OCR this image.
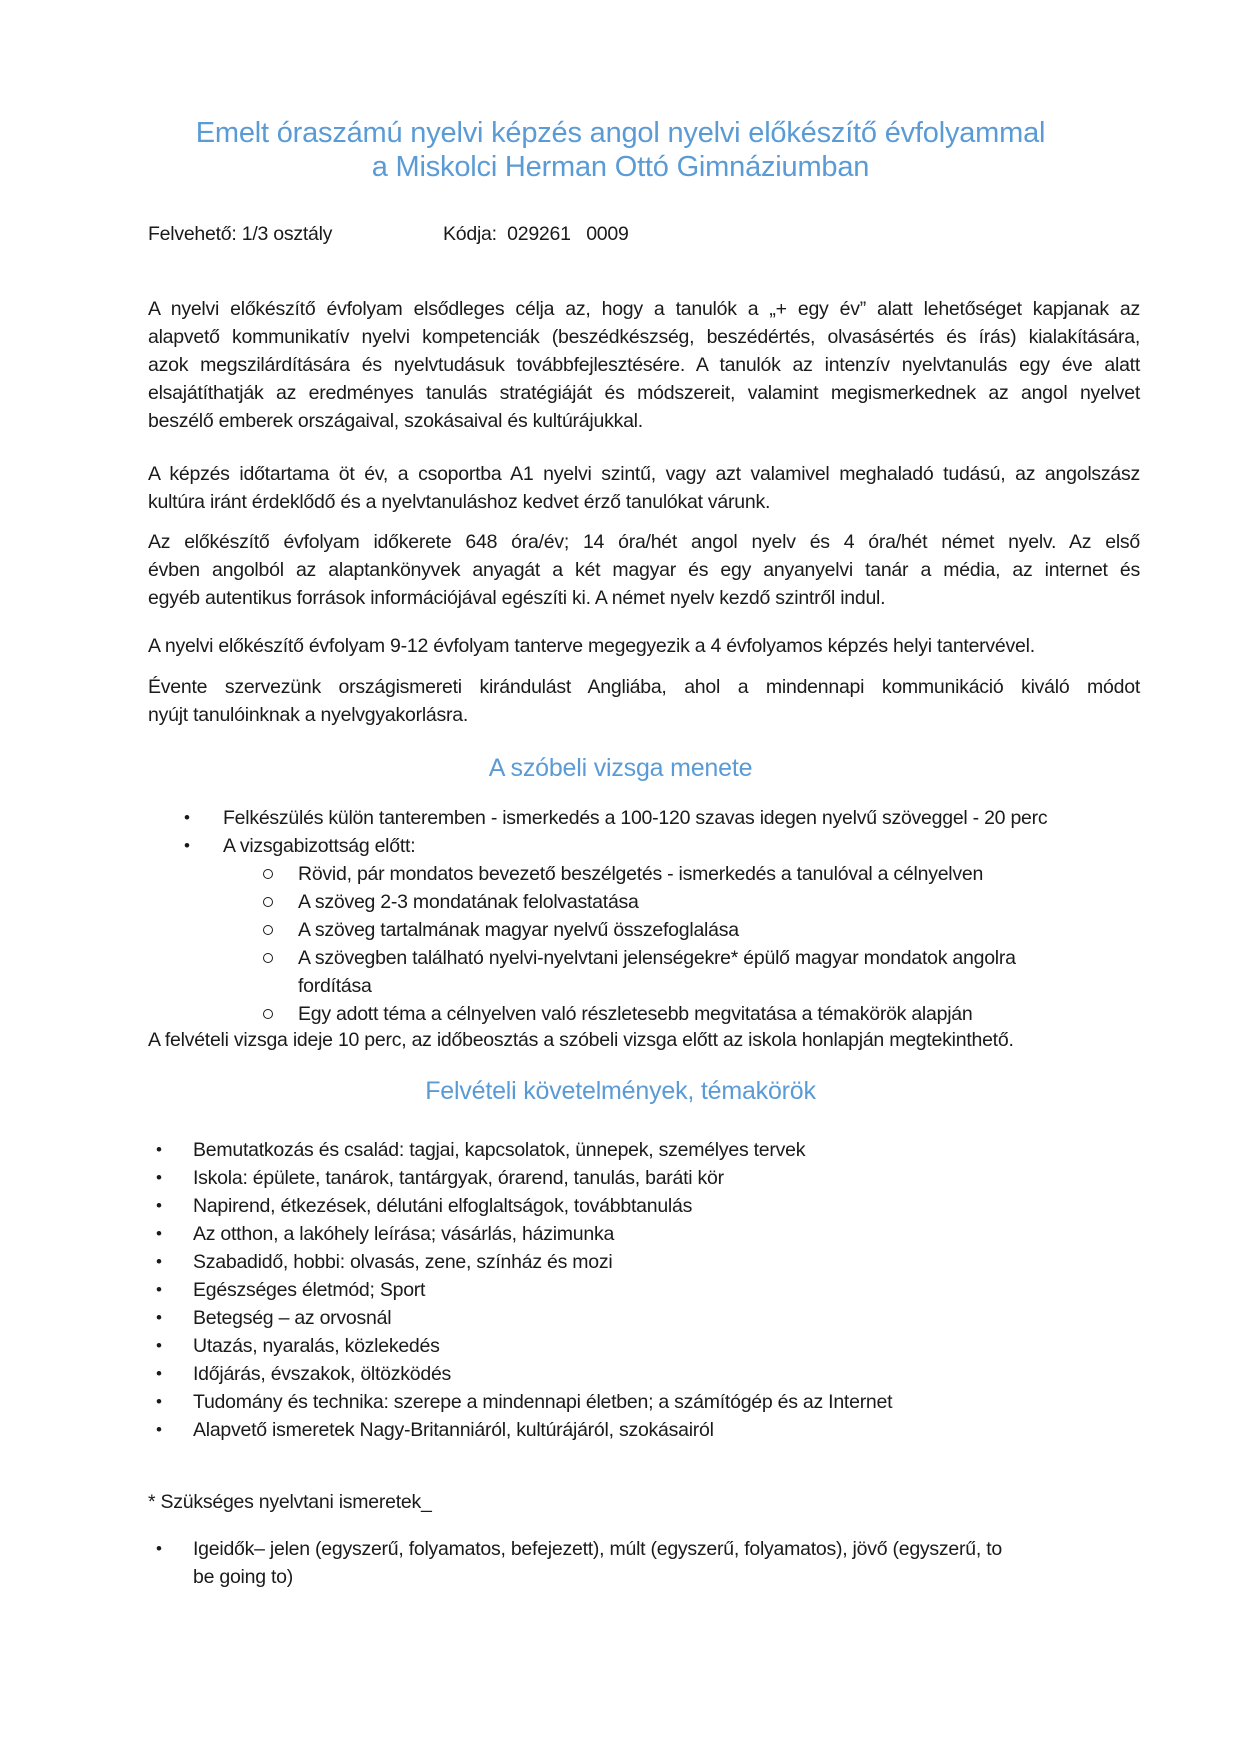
Emelt óraszámú nyelvi képzés angol nyelvi előkészítő évfolyammal
a Miskolci Herman Ottó Gimnáziumban
Felvehető: 1/3 osztály	Kódja:  029261   0009
A nyelvi előkészítő évfolyam elsődleges célja az, hogy a tanulók a „+ egy év” alatt lehetőséget kapjanak az
alapvető kommunikatív nyelvi kompetenciák (beszédkészség, beszédértés, olvasásértés és írás) kialakítására,
azok megszilárdítására és nyelvtudásuk továbbfejlesztésére. A tanulók az intenzív nyelvtanulás egy éve alatt
elsajátíthatják az eredményes tanulás stratégiáját és módszereit, valamint megismerkednek az angol nyelvet
beszélő emberek országaival, szokásaival és kultúrájukkal.
A képzés időtartama öt év, a csoportba A1 nyelvi szintű, vagy azt valamivel meghaladó tudású, az angolszász
kultúra iránt érdeklődő és a nyelvtanuláshoz kedvet érző tanulókat várunk.
Az előkészítő évfolyam időkerete 648 óra/év; 14 óra/hét angol nyelv és 4 óra/hét német nyelv. Az első
évben angolból az alaptankönyvek anyagát a két magyar és egy anyanyelvi tanár a média, az internet és
egyéb autentikus források információjával egészíti ki. A német nyelv kezdő szintről indul.
A nyelvi előkészítő évfolyam 9-12 évfolyam tanterve megegyezik a 4 évfolyamos képzés helyi tantervével.
Évente szervezünk országismereti kirándulást Angliába, ahol a mindennapi kommunikáció kiváló módot
nyújt tanulóinknak a nyelvgyakorlásra.
A szóbeli vizsga menete
• Felkészülés külön tanteremben - ismerkedés a 100-120 szavas idegen nyelvű szöveggel - 20 perc
• A vizsgabizottság előtt:
Rövid, pár mondatos bevezető beszélgetés - ismerkedés a tanulóval a célnyelven
A szöveg 2-3 mondatának felolvastatása
A szöveg tartalmának magyar nyelvű összefoglalása
A szövegben található nyelvi-nyelvtani jelenségekre* épülő magyar mondatok angolra
fordítása
Egy adott téma a célnyelven való részletesebb megvitatása a témakörök alapján
A felvételi vizsga ideje 10 perc, az időbeosztás a szóbeli vizsga előtt az iskola honlapján megtekinthető.
Felvételi követelmények, témakörök
• Bemutatkozás és család: tagjai, kapcsolatok, ünnepek, személyes tervek
• Iskola: épülete, tanárok, tantárgyak, órarend, tanulás, baráti kör
• Napirend, étkezések, délutáni elfoglaltságok, továbbtanulás
• Az otthon, a lakóhely leírása; vásárlás, házimunka
• Szabadidő, hobbi: olvasás, zene, színház és mozi
• Egészséges életmód; Sport
• Betegség – az orvosnál
• Utazás, nyaralás, közlekedés
• Időjárás, évszakok, öltözködés
• Tudomány és technika: szerepe a mindennapi életben; a számítógép és az Internet
• Alapvető ismeretek Nagy-Britanniáról, kultúrájáról, szokásairól
* Szükséges nyelvtani ismeretek_
• Igeidők– jelen (egyszerű, folyamatos, befejezett), múlt (egyszerű, folyamatos), jövő (egyszerű, to
be going to)
